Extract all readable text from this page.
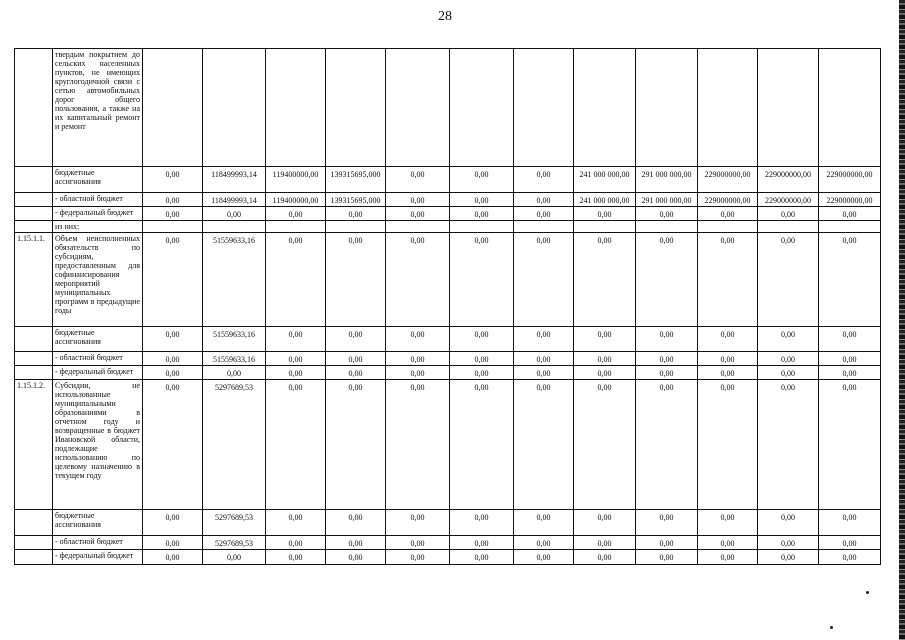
28
	твердым покрытием до сельских населенных пунктов, не имеющих круглогодичной связи с сетью автомобильных дорог общего пользования, а также на их капитальный ремонт и ремонт												
	бюджетные ассигнования	0,00	118499993,14	119400000,00	139315695,000	0,00	0,00	0,00	241 000 000,00	291 000 000,00	229000000,00	229000000,00	229000000,00
	- областной бюджет	0,00	118499993,14	119400000,00	139315695,000	0,00	0,00	0,00	241 000 000,00	291 000 000,00	229000000,00	229000000,00	229000000,00
	- федеральный бюджет	0,00	0,00	0,00	0,00	0,00	0,00	0,00	0,00	0,00	0,00	0,00	0,00
	из них:												
1.15.1.1.	Объем неисполненных обязательств по субсидиям, предоставленным для софинансирования мероприятий муниципальных программ в предыдущие годы	0,00	51559633,16	0,00	0,00	0,00	0,00	0,00	0,00	0,00	0,00	0,00	0,00
	бюджетные ассигнования	0,00	51559633,16	0,00	0,00	0,00	0,00	0,00	0,00	0,00	0,00	0,00	0,00
	- областной бюджет	0,00	51559633,16	0,00	0,00	0,00	0,00	0,00	0,00	0,00	0,00	0,00	0,00
	- федеральный бюджет	0,00	0,00	0,00	0,00	0,00	0,00	0,00	0,00	0,00	0,00	0,00	0,00
1.15.1.2.	Субсидии, не использованные муниципальными образованиями в отчетном году и возвращенные в бюджет Ивановской области, подлежащие использованию по целевому назначению в текущем году	0,00	5297689,53	0,00	0,00	0,00	0,00	0,00	0,00	0,00	0,00	0,00	0,00
	бюджетные ассигнования	0,00	5297689,53	0,00	0,00	0,00	0,00	0,00	0,00	0,00	0,00	0,00	0,00
	- областной бюджет	0,00	5297689,53	0,00	0,00	0,00	0,00	0,00	0,00	0,00	0,00	0,00	0,00
	- федеральный бюджет	0,00	0,00	0,00	0,00	0,00	0,00	0,00	0,00	0,00	0,00	0,00	0,00
